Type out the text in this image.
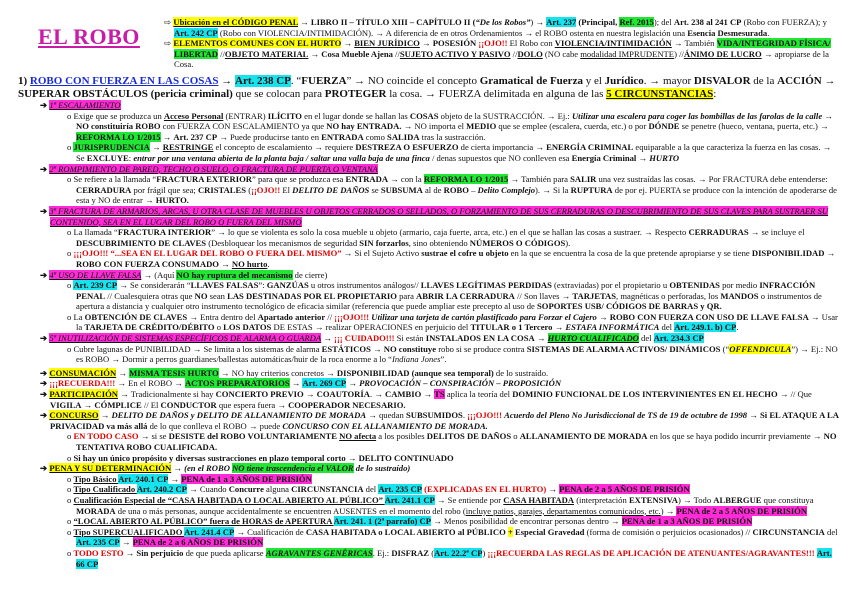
EL ROBO

⇨ Ubicación en el CÓDIGO PENAL → LIBRO II – TÍTULO XIII – CAPÍTULO II (“De los Robos”) → Art. 237 (Principal, Ref. 2015); del Art. 238 al 241 CP (Robo con FUERZA); y Art. 242 CP (Robo con VIOLENCIA/INTIMIDACIÓN). → A diferencia de en otros Ordenamientos → el ROBO ostenta en nuestra legislación una Esencia Desmesurada.

⇨ ELEMENTOS COMUNES CON EL HURTO → BIEN JURÍDICO → POSESIÓN ¡¡OJO!! El Robo con VIOLENCIA/INTIMIDACIÓN → También VIDA/INTEGRIDAD FÍSICA/ LIBERTAD //OBJETO MATERIAL → Cosa Mueble Ajena //SUJETO ACTIVO Y PASIVO //DOLO (NO cabe modalidad IMPRUDENTE) //ÁNIMO DE LUCRO → apropiarse de la Cosa.

1) ROBO CON FUERZA EN LAS COSAS → Art. 238 CP. “FUERZA” → NO coincide el concepto Gramatical de Fuerza y el Jurídico. → mayor DISVALOR de la ACCIÓN → SUPERAR OBSTÁCULOS (pericia criminal) que se colocan para PROTEGER la cosa. → FUERZA delimitada en alguna de las 5 CIRCUNSTANCIAS:

➔ 1ª ESCALAMIENTO

o Exige que se produzca un Acceso Personal (ENTRAR) ILÍCITO en el lugar donde se hallan las COSAS objeto de la SUSTRACCIÓN. → Ej.: Utilizar una escalera para coger las bombillas de las farolas de la calle → NO constituiría ROBO con FUERZA CON ESCALAMIENTO ya que NO hay ENTRADA. → NO importa el MEDIO que se emplee (escalera, cuerda, etc.) o por DÓNDE se penetre (hueco, ventana, puerta, etc.) → REFORMA LO 1/2015 → Art. 237 CP → Puede producirse tanto en ENTRADA como SALIDA tras la sustracción.

o JURISPRUDENCIA → RESTRINGE el concepto de escalamiento → requiere DESTREZA O ESFUERZO de cierta importancia → ENERGÍA CRIMINAL equiparable a la que caracteriza la fuerza en las cosas. → Se EXCLUYE: entrar por una ventana abierta de la planta baja / saltar una valla baja de una finca / denas supuestos que NO conlleven esa Energía Criminal → HURTO

➔ 2ª ROMPIMIENTO DE PARED, TECHO O SUELO, O FRACTURA DE PUERTA O VENTANA

o Se refiere a la llamada “FRACTURA EXTERIOR” para que se produzca esa ENTRADA → con la REFORMA LO 1/2015 → También para SALIR una vez sustraídas las cosas. → Por FRACTURA debe entenderse: CERRADURA por frágil que sea; CRISTALES (¡¡OJO!! El DELITO DE DAÑOS se SUBSUMA al de ROBO – Delito Complejo). → Si la RUPTURA de por ej. PUERTA se produce con la intención de apoderarse de esta y NO de entrar → HURTO.

➔ 3ª FRACTURA DE ARMARIOS, ARCAS, U OTRA CLASE DE MUEBLES U OBJETOS CERRADOS O SELLADOS, O FORZAMIENTO DE SUS CERRADURAS O DESCUBRIMIENTO DE SUS CLAVES PARA SUSTRAER SU CONTENIDO, SEA EN EL LUGAR DEL ROBO O FUERA DEL MISMO

o La llamada “FRACTURA INTERIOR” → lo que se violenta es solo la cosa mueble u objeto (armario, caja fuerte, arca, etc.) en el que se hallan las cosas a sustraer. → Respecto CERRADURAS → se incluye el DESCUBRIMIENTO DE CLAVES (Desbloquear los mecanismos de seguridad SIN forzarlos, sino obteniendo NÚMEROS O CÓDIGOS).

o ¡¡¡OJO!!! “...SEA EN EL LUGAR DEL ROBO O FUERA DEL MISMO” → Si el Sujeto Activo sustrae el cofre u objeto en la que se encuentra la cosa de la que pretende apropiarse y se tiene DISPONIBILIDAD → ROBO CON FUERZA CONSUMADO → NO hurto.

➔ 4ª USO DE LLAVE FALSA → (Aquí NO hay ruptura del mecanismo de cierre)

o Art. 239 CP → Se considerarán “LLAVES FALSAS”: GANZÚAS u otros instrumentos análogos// LLAVES LEGÍTIMAS PERDIDAS (extraviadas) por el propietario u OBTENIDAS por medio INFRACCIÓN PENAL // Cualesquiera otras que NO sean LAS DESTINADAS POR EL PROPIETARIO para ABRIR LA CERRADURA // Son llaves → TARJETAS, magnéticas o perforadas, los MANDOS o instrumentos de apertura a distancia y cualquier otro instrumento tecnológico de eficacia similar (referencia que puede ampliar este precepto al uso de SOPORTES USB/ CÓDIGOS DE BARRAS y QR.

o La OBTENCIÓN DE CLAVES → Entra dentro del Apartado anterior // ¡¡¡OJO!!! Utilizar una tarjeta de cartón plastificado para Forzar el Cajero → ROBO CON FUERZA CON USO DE LLAVE FALSA → Usar la TARJETA DE CRÉDITO/DÉBITO o LOS DATOS DE ESTAS → realizar OPERACIONES en perjuicio del TITULAR o 1 Tercero → ESTAFA INFORMÁTICA del Art. 249.1. b) CP.

➔ 5ª INUTILIZACIÓN DE SISTEMAS ESPECÍFICOS DE ALARMA O GUARDA → ¡¡¡ CUIDADO!!! Si están INSTALADOS EN LA COSA → HURTO CUALIFICADO del Art. 234.3 CP

o Cubre lagunas de PUNIBILIDAD → Se limita a los sistemas de alarma ESTÁTICOS → NO constituye robo si se produce contra SISTEMAS DE ALARMA ACTIVOS/ DINÁMICOS (“OFFENDICULA”) → Ej.: NO es ROBO → Dormir a perros guardianes/ballestas automáticas/huir de la roca enorme a lo “Indiana Jones”.

➔ CONSUMACIÓN → MISMA TESIS HURTO → NO hay criterios concretos → DISPONIBILIDAD (aunque sea temporal) de lo sustraído.

➔ ¡¡¡RECUERDA!!! → En el ROBO → ACTOS PREPARATORIOS → Art. 269 CP → PROVOCACIÓN – CONSPIRACIÓN – PROPOSICIÓN

➔ PARTICIPACIÓN → Tradicionalmente si hay CONCIERTO PREVIO → COAUTORÍA. → CAMBIO → TS aplica la teoría del DOMINIO FUNCIONAL DE LOS INTERVINIENTES EN EL HECHO → // Que VIGILA → CÓMPLICE // El CONDUCTOR que espera fuera → COOPERADOR NECESARIO.

➔ CONCURSO → DELITO DE DAÑOS y DELITO DE ALLANAMIENTO DE MORADA → quedan SUBSUMIDOS. ¡¡¡OJO!!! Acuerdo del Pleno No Jurisdiccional de TS de 19 de octubre de 1998 → Si EL ATAQUE A LA PRIVACIDAD va más allá de lo que conlleva el ROBO → puede CONCURSO CON EL ALLANAMIENTO DE MORADA.

o EN TODO CASO → si se DESISTE del ROBO VOLUNTARIAMENTE NO afecta a los posibles DELITOS DE DAÑOS o ALLANAMIENTO DE MORADA en los que se haya podido incurrir previamente → NO TENTATIVA ROBO CUALIFICADA.

o Si hay un único propósito y diversas sustracciones en plazo temporal corto → DELITO CONTINUADO

➔ PENA Y SU DETERMINACIÓN → (en el ROBO NO tiene trascendencia el VALOR de lo sustraído)

o Tipo Básico Art. 240.1 CP → PENA de 1 a 3 AÑOS DE PRISIÓN

o Tipo Cualificado Art. 240.2 CP → Cuando Concurre alguna CIRCUNSTANCIA del Art. 235 CP (EXPLICADAS EN EL HURTO) → PENA de 2 a 5 AÑOS DE PRISIÓN

o Cualificación Especial de “CASA HABITADA O LOCAL ABIERTO AL PÚBLICO” Art. 241.1 CP → Se entiende por CASA HABITADA (interpretación EXTENSIVA) → Todo ALBERGUE que constituya MORADA de una o más personas, aunque accidentalmente se encuentren AUSENTES en el momento del robo (incluye patios, garajes, departamentos comunicados, etc.) → PENA de 2 a 5 AÑOS DE PRISIÓN

o “LOCAL ABIERTO AL PÚBLICO” fuera de HORAS de APERTURA Art. 241. 1 (2ª parrafo) CP → Menos posibilidad de encontrar personas dentro → PENA de 1 a 3 AÑOS DE PRISIÓN

o Tipo SUPERCUALIFICADO Art. 241.4 CP → Cualificación de CASA HABITADA o LOCAL ABIERTO al PÚBLICO + Especial Gravedad (forma de comisión o perjuicios ocasionados) // CIRCUNSTANCIA del Art. 235 CP → PENA de 2 a 6 AÑOS DE PRISIÓN

o TODO ESTO → Sin perjuicio de que pueda aplicarse AGRAVANTES GENÉRICAS. Ej.: DISFRAZ (Art. 22.2ª CP) ¡¡¡RECUERDA LAS REGLAS DE APLICACIÓN DE ATENUANTES/AGRAVANTES!!! Art. 66 CP
